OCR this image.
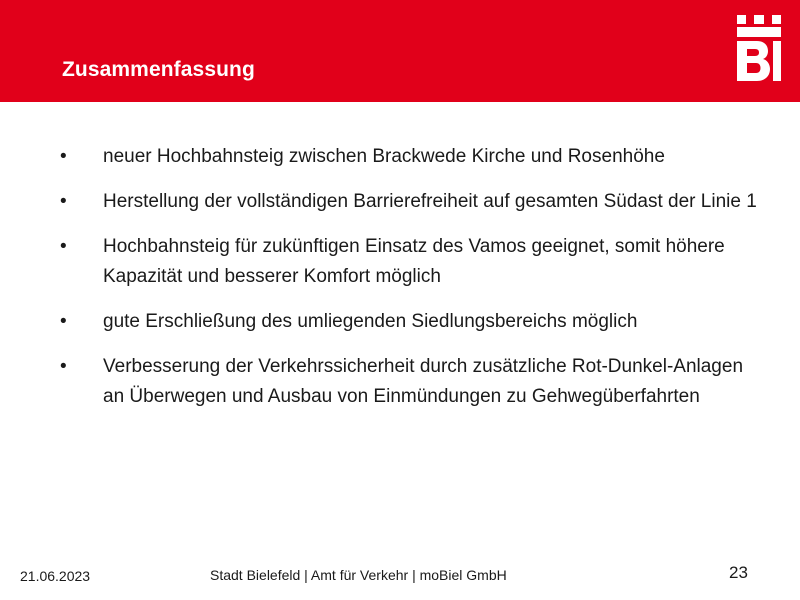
Zusammenfassung
• neuer Hochbahnsteig zwischen Brackwede Kirche und Rosenhöhe
• Herstellung der vollständigen Barrierefreiheit auf gesamten Südast der Linie 1
• Hochbahnsteig für zukünftigen Einsatz des Vamos geeignet, somit höhere Kapazität und besserer Komfort möglich
• gute Erschließung des umliegenden Siedlungsbereichs möglich
• Verbesserung der Verkehrssicherheit durch zusätzliche Rot-Dunkel-Anlagen an Überwegen und Ausbau von Einmündungen zu Gehwegüberfahrten
21.06.2023	Stadt Bielefeld | Amt für Verkehr | moBiel GmbH	23
